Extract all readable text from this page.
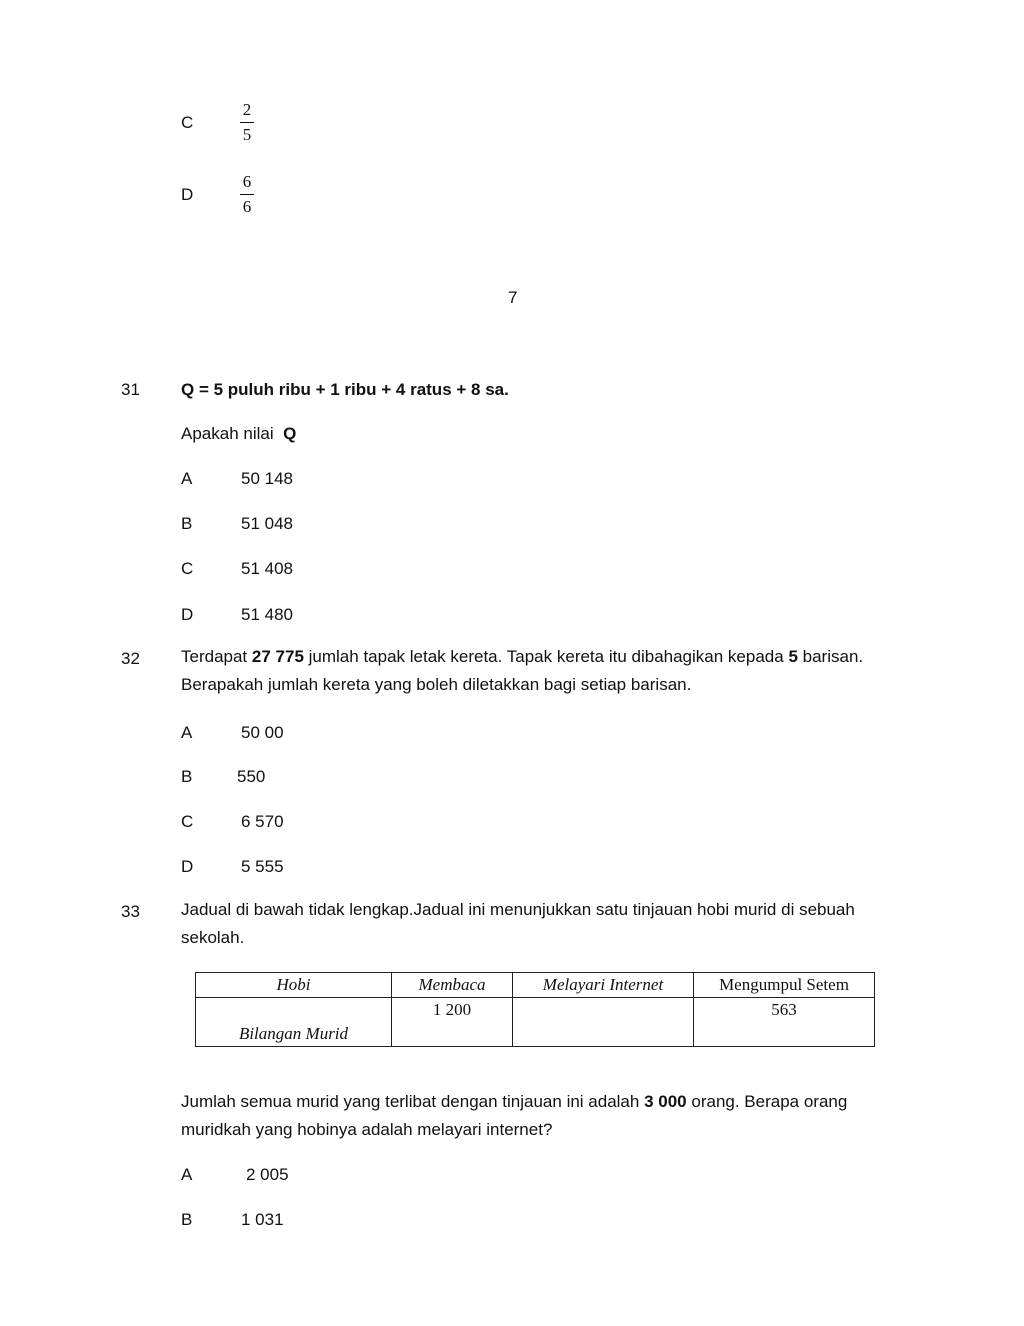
C	$\frac{2}{5}$
D	$\frac{6}{6}$
7
31 Q = 5 puluh ribu + 1 ribu + 4 ratus + 8 sa.
Apakah nilai Q
A	50 148
B	51 048
C	51 408
D	51 480
32 Terdapat 27 775 jumlah tapak letak kereta. Tapak kereta itu dibahagikan kepada 5 barisan. Berapakah jumlah kereta yang boleh diletakkan bagi setiap barisan.
A	50 00
B	550
C	6 570
D	5 555
33 Jadual di bawah tidak lengkap.Jadual ini menunjukkan satu tinjauan hobi murid di sebuah sekolah.
Hobi	Membaca	Melayari Internet	Mengumpul Setem
Bilangan Murid	1 200		563
Jumlah semua murid yang terlibat dengan tinjauan ini adalah 3 000 orang. Berapa orang muridkah yang hobinya adalah melayari internet?
A	2 005
B	1 031
